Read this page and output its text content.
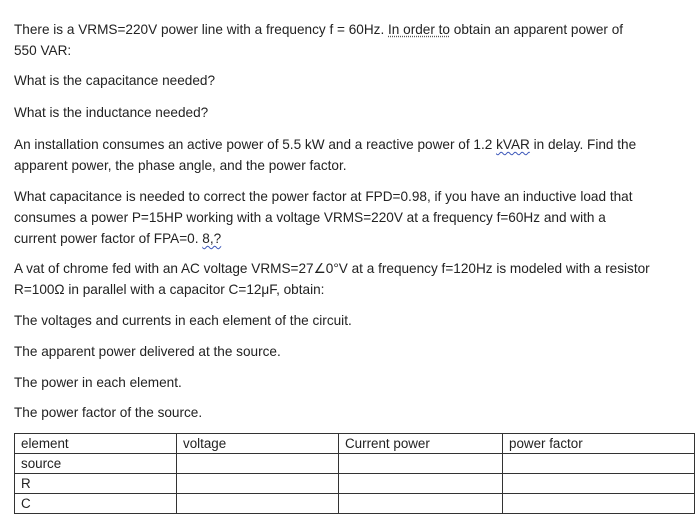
There is a VRMS=220V power line with a frequency f = 60Hz. In order to obtain an apparent power of
550 VAR:

What is the capacitance needed?

What is the inductance needed?

An installation consumes an active power of 5.5 kW and a reactive power of 1.2 kVAR in delay. Find the
apparent power, the phase angle, and the power factor.

What capacitance is needed to correct the power factor at FPD=0.98, if you have an inductive load that
consumes a power P=15HP working with a voltage VRMS=220V at a frequency f=60Hz and with a
current power factor of FPA=0. 8,?

A vat of chrome fed with an AC voltage VRMS=27∠0°V at a frequency f=120Hz is modeled with a resistor
R=100Ω in parallel with a capacitor C=12μF, obtain:

The voltages and currents in each element of the circuit.

The apparent power delivered at the source.

The power in each element.

The power factor of the source.

element	voltage	Current power	power factor
source			
R			
C			
